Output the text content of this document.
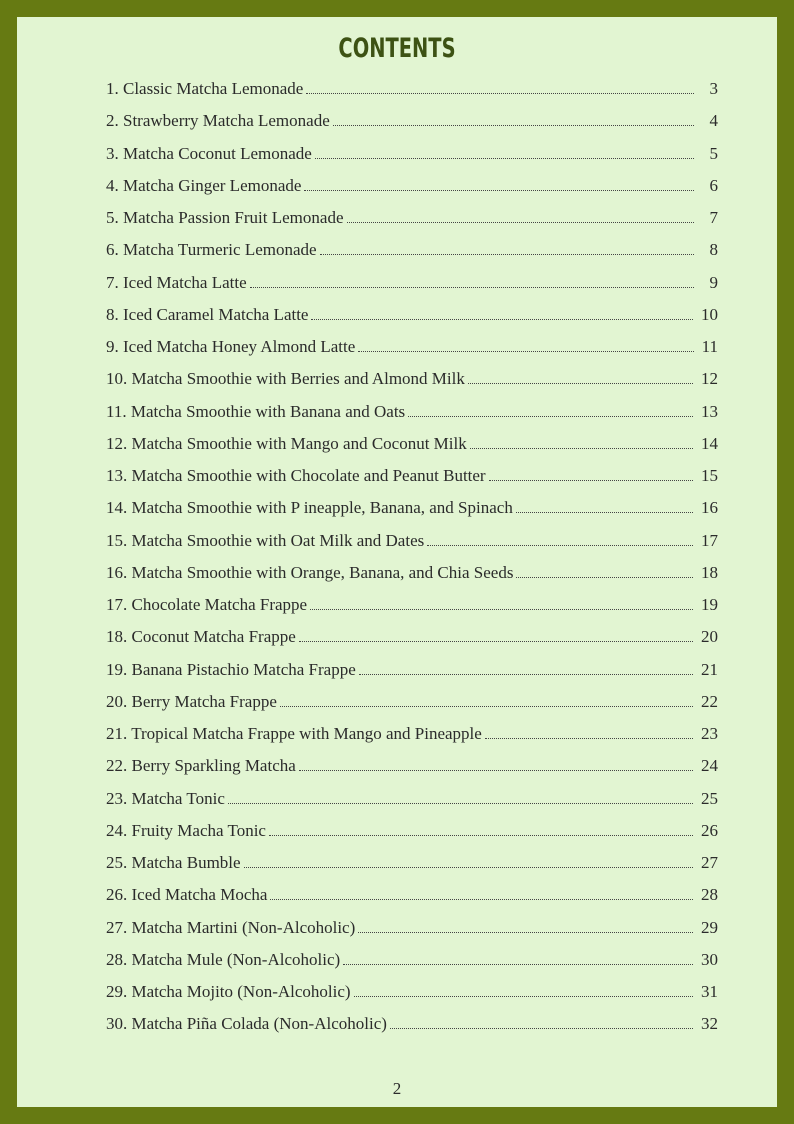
CONTENTS
1. Classic Matcha Lemonade	3
2. Strawberry Matcha Lemonade	4
3. Matcha Coconut Lemonade	5
4. Matcha Ginger Lemonade	6
5. Matcha Passion Fruit Lemonade	7
6. Matcha Turmeric Lemonade	8
7. Iced Matcha Latte	9
8. Iced Caramel Matcha Latte	10
9. Iced Matcha Honey Almond Latte	11
10. Matcha Smoothie with Berries and Almond Milk	12
11. Matcha Smoothie with Banana and Oats	13
12. Matcha Smoothie with Mango and Coconut Milk	14
13. Matcha Smoothie with Chocolate and Peanut Butter	15
14. Matcha Smoothie with P ineapple, Banana, and Spinach	16
15. Matcha Smoothie with Oat Milk and Dates	17
16. Matcha Smoothie with Orange, Banana, and Chia Seeds	18
17. Chocolate Matcha Frappe	19
18. Coconut Matcha Frappe	20
19. Banana Pistachio Matcha Frappe	21
20. Berry Matcha Frappe	22
21. Tropical Matcha Frappe with Mango and Pineapple	23
22. Berry Sparkling Matcha	24
23. Matcha Tonic	25
24. Fruity Macha Tonic	26
25. Matcha Bumble	27
26. Iced Matcha Mocha	28
27. Matcha Martini (Non-Alcoholic)	29
28. Matcha Mule (Non-Alcoholic)	30
29. Matcha Mojito (Non-Alcoholic)	31
30. Matcha Piña Colada (Non-Alcoholic)	32
2
